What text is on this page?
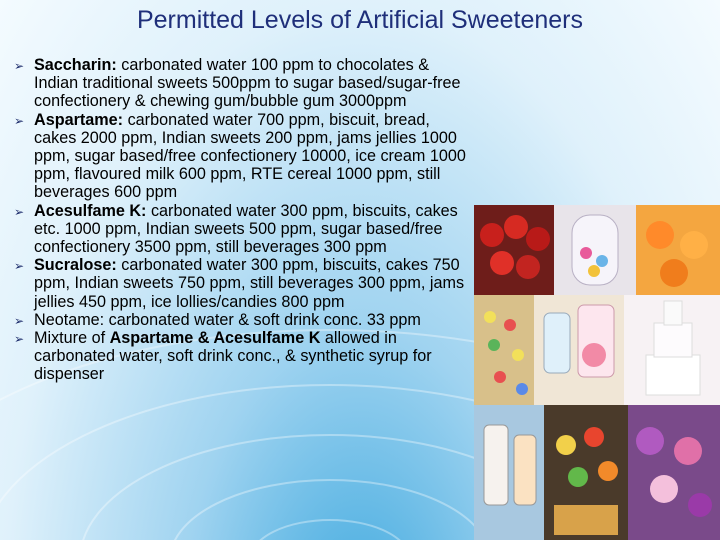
Permitted Levels of Artificial Sweeteners
➢ Saccharin: carbonated water 100 ppm to chocolates & Indian traditional sweets 500ppm to sugar based/sugar-free confectionery & chewing gum/bubble gum 3000ppm
➢ Aspartame: carbonated water 700 ppm, biscuit, bread, cakes 2000 ppm, Indian sweets 200 ppm, jams jellies 1000 ppm, sugar based/free confectionery 10000, ice cream 1000 ppm, flavoured milk 600 ppm, RTE cereal 1000 ppm, still beverages 600 ppm
➢ Acesulfame K: carbonated water 300 ppm, biscuits, cakes etc. 1000 ppm, Indian sweets 500 ppm, sugar based/free confectionery 3500 ppm, still beverages 300 ppm
➢ Sucralose: carbonated water 300 ppm, biscuits, cakes 750 ppm, Indian sweets 750 ppm, still beverages 300 ppm, jams jellies 450 ppm, ice lollies/candies 800 ppm
➢ Neotame: carbonated water & soft drink conc. 33 ppm
➢ Mixture of Aspartame & Acesulfame K allowed in carbonated water, soft drink conc., & synthetic syrup for dispenser
